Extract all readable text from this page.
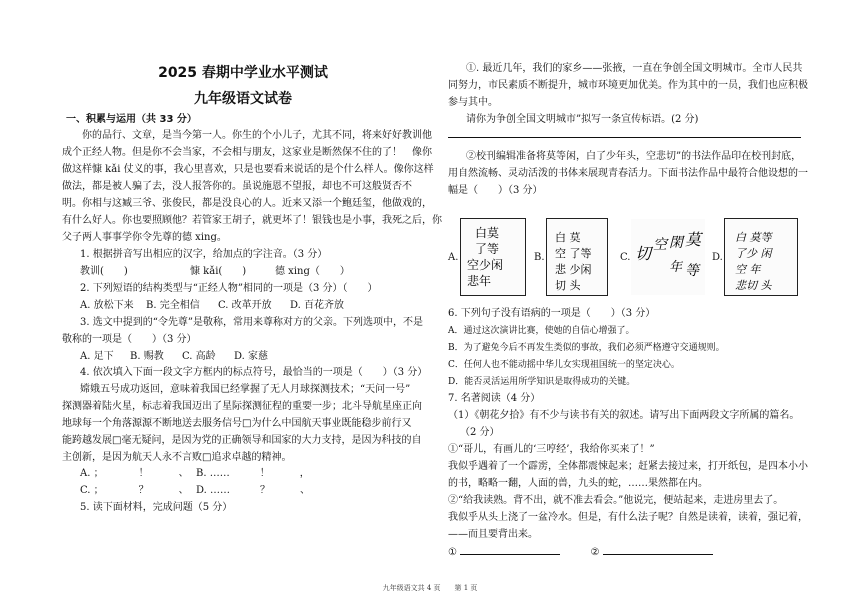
2025 春期中学业水平测试
九年级语文试卷
一、积累与运用（共 33 分）
你的品行、文章，是当今第一人。你生的个小儿子，尤其不同，将来好好教训他
成个正经人物。但是你不会当家，不会相与朋友，这家业是断然保不住的了！　像你
做这样慷 kǎi 仗义的事，我心里喜欢，只是也要看来说话的是个什么样人。像你这样
做法，都是被人骗了去，没人报答你的。虽说施恩不望报，却也不可这般贤否不
明。你相与这臧三爷、张俊民，都是没良心的人。近来又添一个鲍廷玺，他做戏的，
有什么好人。你也要照顾他？若管家王胡子，就更坏了！银钱也是小事，我死之后，你
父子两人事事学你令先尊的德 xing。
1. 根据拼音写出相应的汉字，给加点的字注音。（3 分）
教训(　　)	慷 kǎi(　　)	德 xing（　　）
2. 下列短语的结构类型与“正经人物”相同的一项是（3 分）（　　）
A. 放松下来 B. 完全相信 C. 改革开放 D. 百花齐放
3. 选文中提到的“令先尊”是敬称，常用来尊称对方的父亲。下列选项中，不是
敬称的一项是（　　）（3 分）
A. 足下 B. 赐教 C. 高龄 D. 家慈
4. 依次填入下面一段文字方框内的标点符号，最恰当的一项是（　　）（3 分）
嫦娥五号成功返回，意味着我国已经掌握了无人月球探测技术；“天问一号”
探测器着陆火星，标志着我国迈出了星际探测征程的重要一步；北斗导航星座正向
地球每一个角落源源不断地送去服务信号□为什么中国航天事业既能稳步前行又
能跨越发展□毫无疑问，是因为党的正确领导和国家的大力支持，是因为科技的自
主创新，是因为航天人永不言败□追求卓越的精神。
A. ；　　　　！　　　、 B. ……　　　！　　　，
C. ；　　　　？　　　、 D. ……　　　？　　　、
5. 读下面材料，完成问题（5 分）
①. 最近几年，我们的家乡——张掖，一直在争创全国文明城市。全市人民共
同努力，市民素质不断提升，城市环境更加优美。作为其中的一员，我们也应积极
参与其中。
请你为争创全国文明城市”拟写一条宣传标语。(2 分)
②校刊编辑准备将莫等闲，白了少年头，空悲切”的书法作品印在校刊封底，
用自然流畅、灵动活泼的书体来展现青春活力。下面书法作品中最符合他设想的一
幅是（　　）（3 分）
A.
白莫
了等
空少闲
悲年
B.
白 莫
空 了等
悲 少闲
切 头
C. 切 空 閑 莫
年 等
D.
白 莫等
了少 闲
空 年
悲切 头
6. 下列句子没有语病的一项是（　　）（3 分）
A．通过这次演讲比赛，使她的自信心增强了。
B．为了避免今后不再发生类似的事故，我们必须严格遵守交通规则。
C．任何人也不能动摇中华儿女实现祖国统一的坚定决心。
D．能否灵活运用所学知识是取得成功的关键。
7. 名著阅读（4 分）
（1）《朝花夕拾》有不少与读书有关的叙述。请写出下面两段文字所属的篇名。
（2 分）
①“哥儿，有画儿的‘三哼经’，我给你买来了！”
我似乎遇着了一个霹雳，全体都震悚起来；赶紧去接过来，打开纸包，是四本小小
的书，略略一翻，人面的兽，九头的蛇，……果然都在内。
②“给我读熟。背不出，就不准去看会。”他说完，便站起来，走进房里去了。
我似乎从头上浇了一盆冷水。但是，有什么法子呢？自然是读着，读着，强记着，
——而且要背出来。
①	②
九年级语文共 4 页　　第 1 页
